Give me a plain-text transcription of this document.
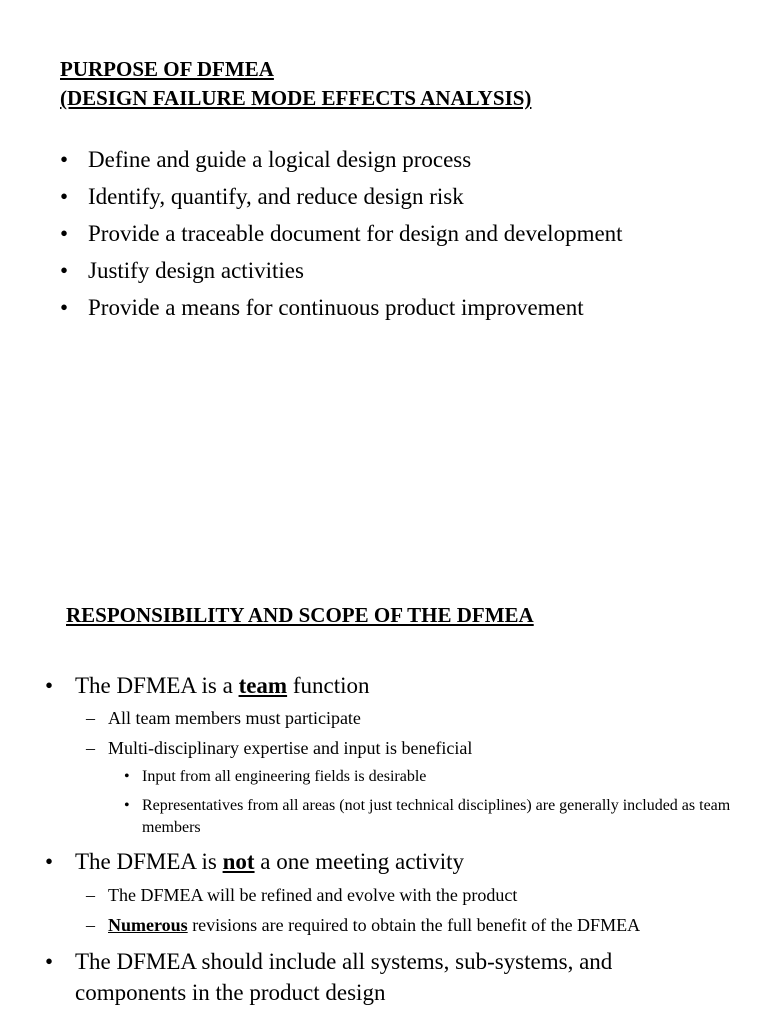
PURPOSE OF DFMEA
(DESIGN FAILURE MODE EFFECTS ANALYSIS)
• Define and guide a logical design process
• Identify, quantify, and reduce design risk
• Provide a traceable document for design and development
• Justify design activities
• Provide a means for continuous product improvement
RESPONSIBILITY AND SCOPE OF THE DFMEA
• The DFMEA is a team function
– All team members must participate
– Multi-disciplinary expertise and input is beneficial
• Input from all engineering fields is desirable
• Representatives from all areas (not just technical disciplines) are generally included as team members
• The DFMEA is not a one meeting activity
– The DFMEA will be refined and evolve with the product
– Numerous revisions are required to obtain the full benefit of the DFMEA
• The DFMEA should include all systems, sub-systems, and
components in the product design
